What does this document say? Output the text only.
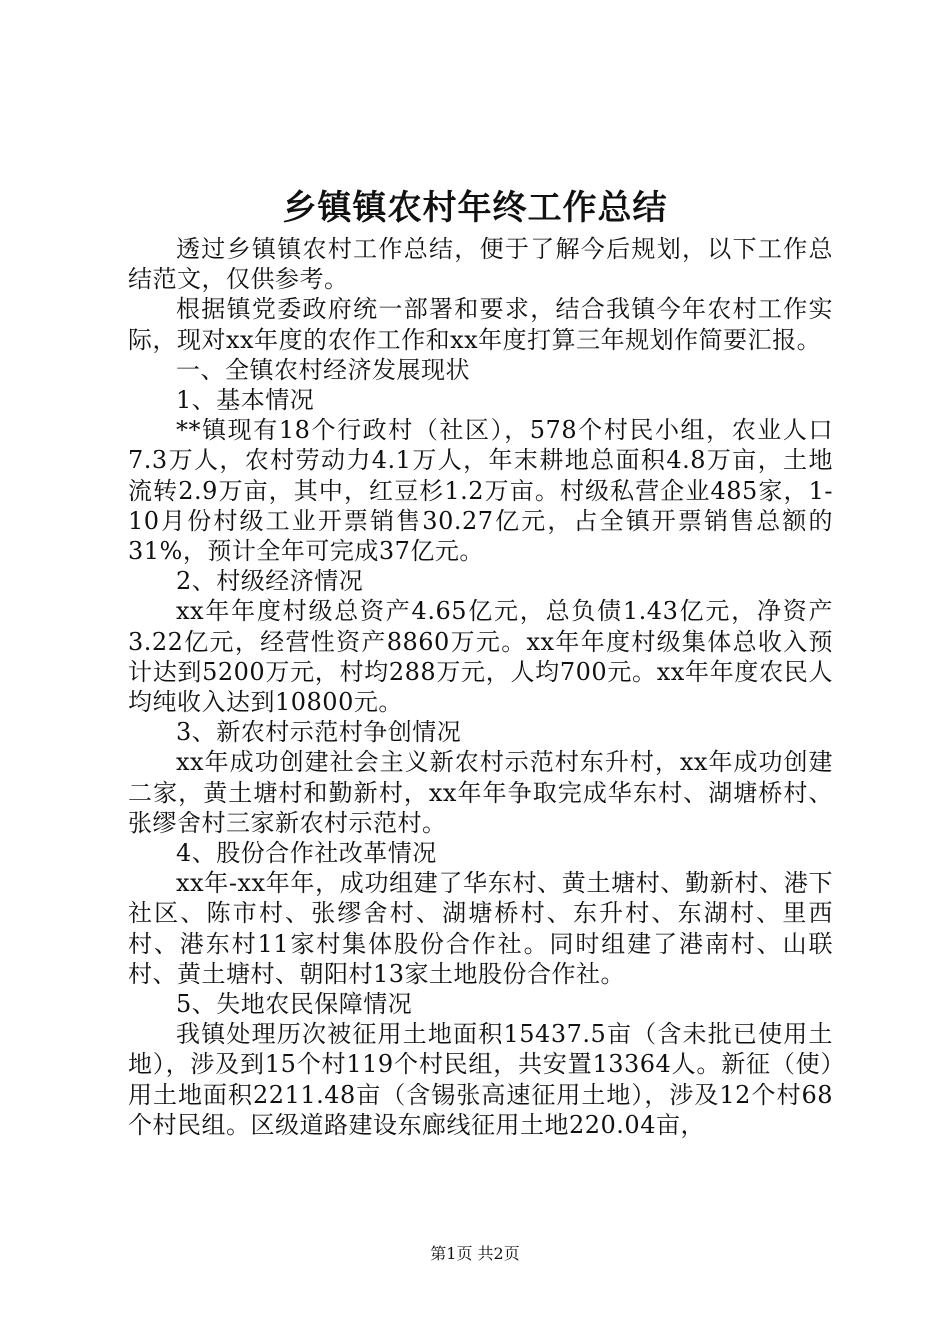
乡镇镇农村年终工作总结

透过乡镇镇农村工作总结，便于了解今后规划，以下工作总结范文，仅供参考。

根据镇党委政府统一部署和要求，结合我镇今年农村工作实际，现对xx年度的农作工作和xx年度打算三年规划作简要汇报。

一、全镇农村经济发展现状

1、基本情况

**镇现有18个行政村（社区），578个村民小组，农业人口7.3万人，农村劳动力4.1万人，年末耕地总面积4.8万亩，土地流转2.9万亩，其中，红豆杉1.2万亩。村级私营企业485家，1-10月份村级工业开票销售30.27亿元，占全镇开票销售总额的31%，预计全年可完成37亿元。

2、村级经济情况

xx年年度村级总资产4.65亿元，总负债1.43亿元，净资产3.22亿元，经营性资产8860万元。xx年年度村级集体总收入预计达到5200万元，村均288万元，人均700元。xx年年度农民人均纯收入达到10800元。

3、新农村示范村争创情况

xx年成功创建社会主义新农村示范村东升村，xx年成功创建二家，黄土塘村和勤新村，xx年年争取完成华东村、湖塘桥村、张缪舍村三家新农村示范村。

4、股份合作社改革情况

xx年-xx年年，成功组建了华东村、黄土塘村、勤新村、港下社区、陈市村、张缪舍村、湖塘桥村、东升村、东湖村、里西村、港东村11家村集体股份合作社。同时组建了港南村、山联村、黄土塘村、朝阳村13家土地股份合作社。

5、失地农民保障情况

我镇处理历次被征用土地面积15437.5亩（含未批已使用土地），涉及到15个村119个村民组，共安置13364人。新征（使）用土地面积2211.48亩（含锡张高速征用土地），涉及12个村68个村民组。区级道路建设东廊线征用土地220.04亩，

第1页 共2页
